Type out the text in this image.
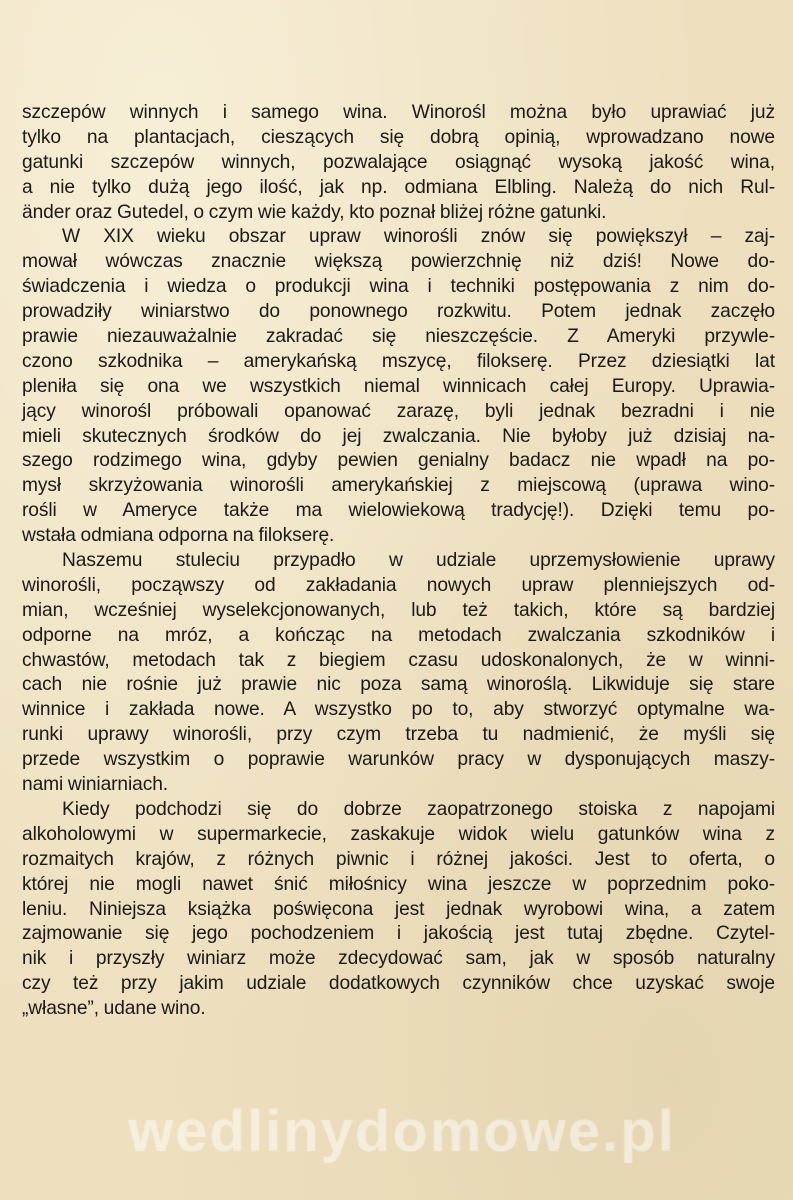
szczepów winnych i samego wina. Winorośl można było uprawiać już
tylko na plantacjach, cieszących się dobrą opinią, wprowadzano nowe
gatunki szczepów winnych, pozwalające osiągnąć wysoką jakość wina,
a nie tylko dużą jego ilość, jak np. odmiana Elbling. Należą do nich Rul-
änder oraz Gutedel, o czym wie każdy, kto poznał bliżej różne gatunki.
W XIX wieku obszar upraw winorośli znów się powiększył – zaj-
mował wówczas znacznie większą powierzchnię niż dziś! Nowe do-
świadczenia i wiedza o produkcji wina i techniki postępowania z nim do-
prowadziły winiarstwo do ponownego rozkwitu. Potem jednak zaczęło
prawie niezauważalnie zakradać się nieszczęście. Z Ameryki przywle-
czono szkodnika – amerykańską mszycę, filokserę. Przez dziesiątki lat
pleniła się ona we wszystkich niemal winnicach całej Europy. Uprawia-
jący winorośl próbowali opanować zarazę, byli jednak bezradni i nie
mieli skutecznych środków do jej zwalczania. Nie byłoby już dzisiaj na-
szego rodzimego wina, gdyby pewien genialny badacz nie wpadł na po-
mysł skrzyżowania winorośli amerykańskiej z miejscową (uprawa wino-
rośli w Ameryce także ma wielowiekową tradycję!). Dzięki temu po-
wstała odmiana odporna na filokserę.
Naszemu stuleciu przypadło w udziale uprzemysłowienie uprawy
winorośli, począwszy od zakładania nowych upraw plenniejszych od-
mian, wcześniej wyselekcjonowanych, lub też takich, które są bardziej
odporne na mróz, a kończąc na metodach zwalczania szkodników i
chwastów, metodach tak z biegiem czasu udoskonalonych, że w winni-
cach nie rośnie już prawie nic poza samą winoroślą. Likwiduje się stare
winnice i zakłada nowe. A wszystko po to, aby stworzyć optymalne wa-
runki uprawy winorośli, przy czym trzeba tu nadmienić, że myśli się
przede wszystkim o poprawie warunków pracy w dysponujących maszy-
nami winiarniach.
Kiedy podchodzi się do dobrze zaopatrzonego stoiska z napojami
alkoholowymi w supermarkecie, zaskakuje widok wielu gatunków wina z
rozmaitych krajów, z różnych piwnic i różnej jakości. Jest to oferta, o
której nie mogli nawet śnić miłośnicy wina jeszcze w poprzednim poko-
leniu. Niniejsza książka poświęcona jest jednak wyrobowi wina, a zatem
zajmowanie się jego pochodzeniem i jakością jest tutaj zbędne. Czytel-
nik i przyszły winiarz może zdecydować sam, jak w sposób naturalny
czy też przy jakim udziale dodatkowych czynników chce uzyskać swoje
„własne”, udane wino.
wedlinydomowe.pl
